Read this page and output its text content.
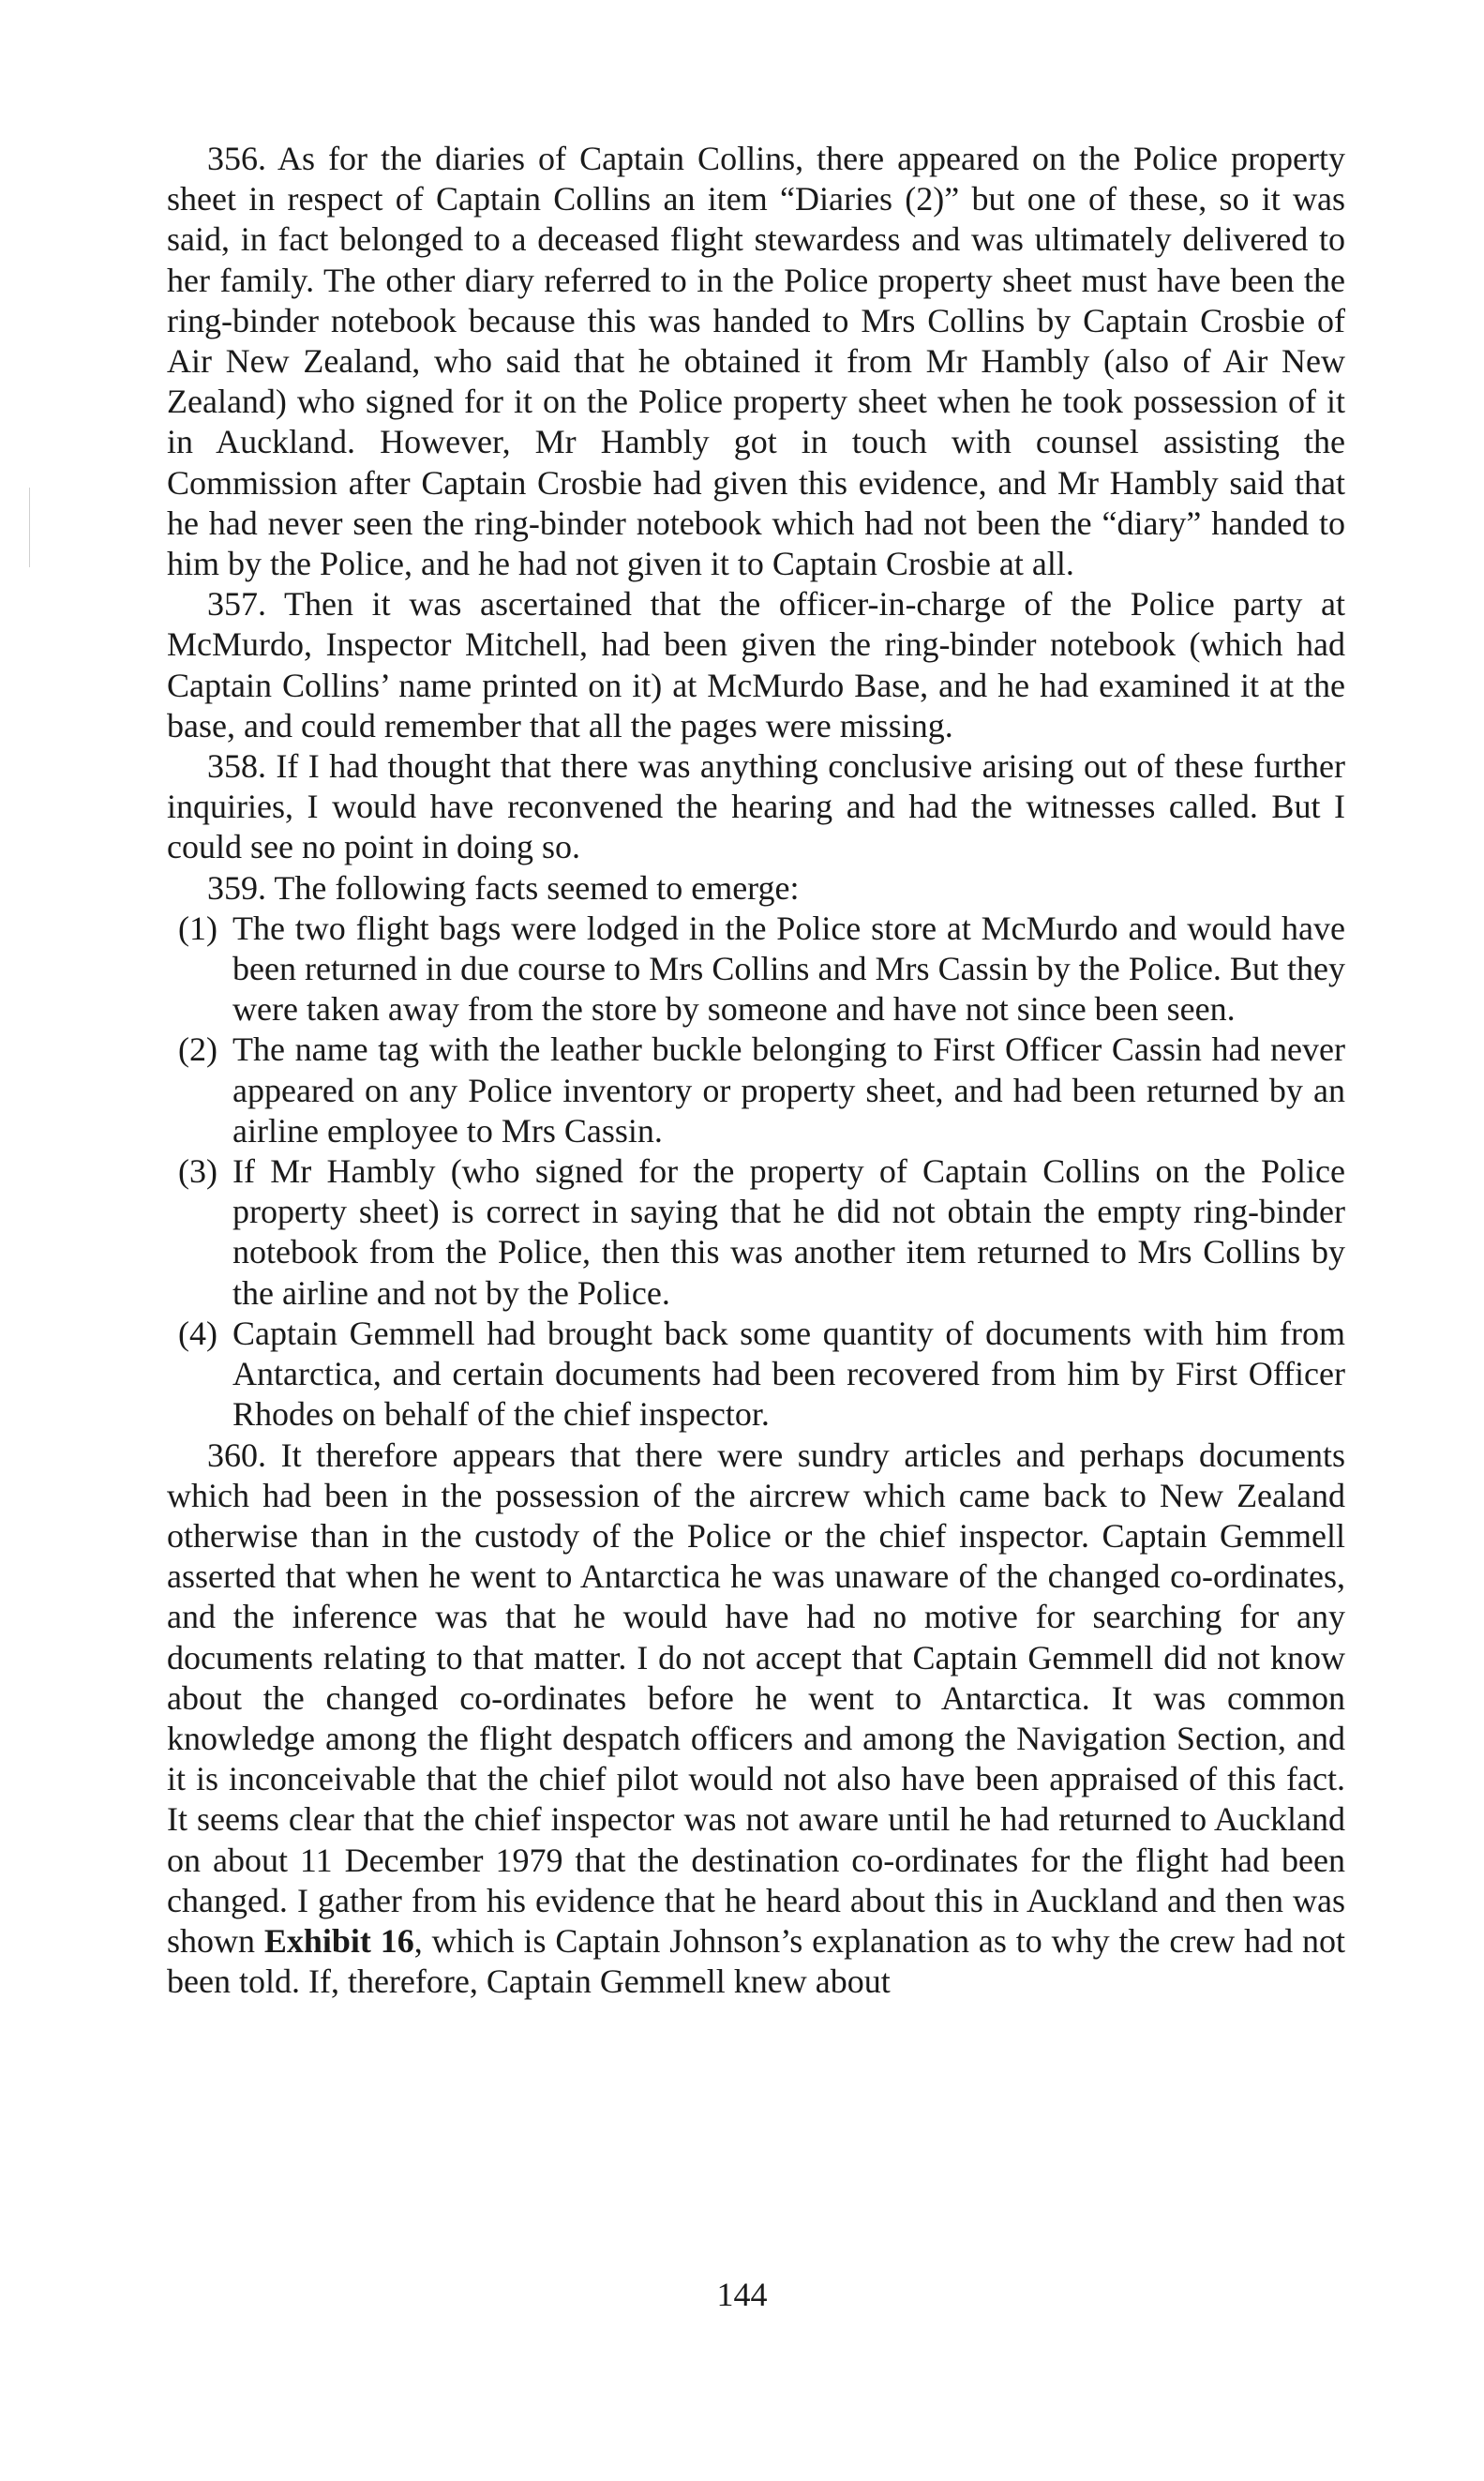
356. As for the diaries of Captain Collins, there appeared on the Police property sheet in respect of Captain Collins an item “Diaries (2)” but one of these, so it was said, in fact belonged to a deceased flight stewardess and was ultimately delivered to her family. The other diary referred to in the Police property sheet must have been the ring-binder notebook because this was handed to Mrs Collins by Captain Crosbie of Air New Zealand, who said that he obtained it from Mr Hambly (also of Air New Zealand) who signed for it on the Police property sheet when he took possession of it in Auckland. However, Mr Hambly got in touch with counsel assisting the Commission after Captain Crosbie had given this evidence, and Mr Hambly said that he had never seen the ring-binder notebook which had not been the “diary” handed to him by the Police, and he had not given it to Captain Crosbie at all.

357. Then it was ascertained that the officer-in-charge of the Police party at McMurdo, Inspector Mitchell, had been given the ring-binder notebook (which had Captain Collins’ name printed on it) at McMurdo Base, and he had examined it at the base, and could remember that all the pages were missing.

358. If I had thought that there was anything conclusive arising out of these further inquiries, I would have reconvened the hearing and had the witnesses called. But I could see no point in doing so.

359. The following facts seemed to emerge:

(1) The two flight bags were lodged in the Police store at McMurdo and would have been returned in due course to Mrs Collins and Mrs Cassin by the Police. But they were taken away from the store by someone and have not since been seen.
(2) The name tag with the leather buckle belonging to First Officer Cassin had never appeared on any Police inventory or property sheet, and had been returned by an airline employee to Mrs Cassin.
(3) If Mr Hambly (who signed for the property of Captain Collins on the Police property sheet) is correct in saying that he did not obtain the empty ring-binder notebook from the Police, then this was another item returned to Mrs Collins by the airline and not by the Police.
(4) Captain Gemmell had brought back some quantity of documents with him from Antarctica, and certain documents had been recovered from him by First Officer Rhodes on behalf of the chief inspector.

360. It therefore appears that there were sundry articles and perhaps documents which had been in the possession of the aircrew which came back to New Zealand otherwise than in the custody of the Police or the chief inspector. Captain Gemmell asserted that when he went to Antarctica he was unaware of the changed co-ordinates, and the inference was that he would have had no motive for searching for any documents relating to that matter. I do not accept that Captain Gemmell did not know about the changed co-ordinates before he went to Antarctica. It was common knowledge among the flight despatch officers and among the Navigation Section, and it is inconceivable that the chief pilot would not also have been appraised of this fact. It seems clear that the chief inspector was not aware until he had returned to Auckland on about 11 December 1979 that the destination co-ordinates for the flight had been changed. I gather from his evidence that he heard about this in Auckland and then was shown Exhibit 16, which is Captain Johnson’s explanation as to why the crew had not been told. If, therefore, Captain Gemmell knew about

144
